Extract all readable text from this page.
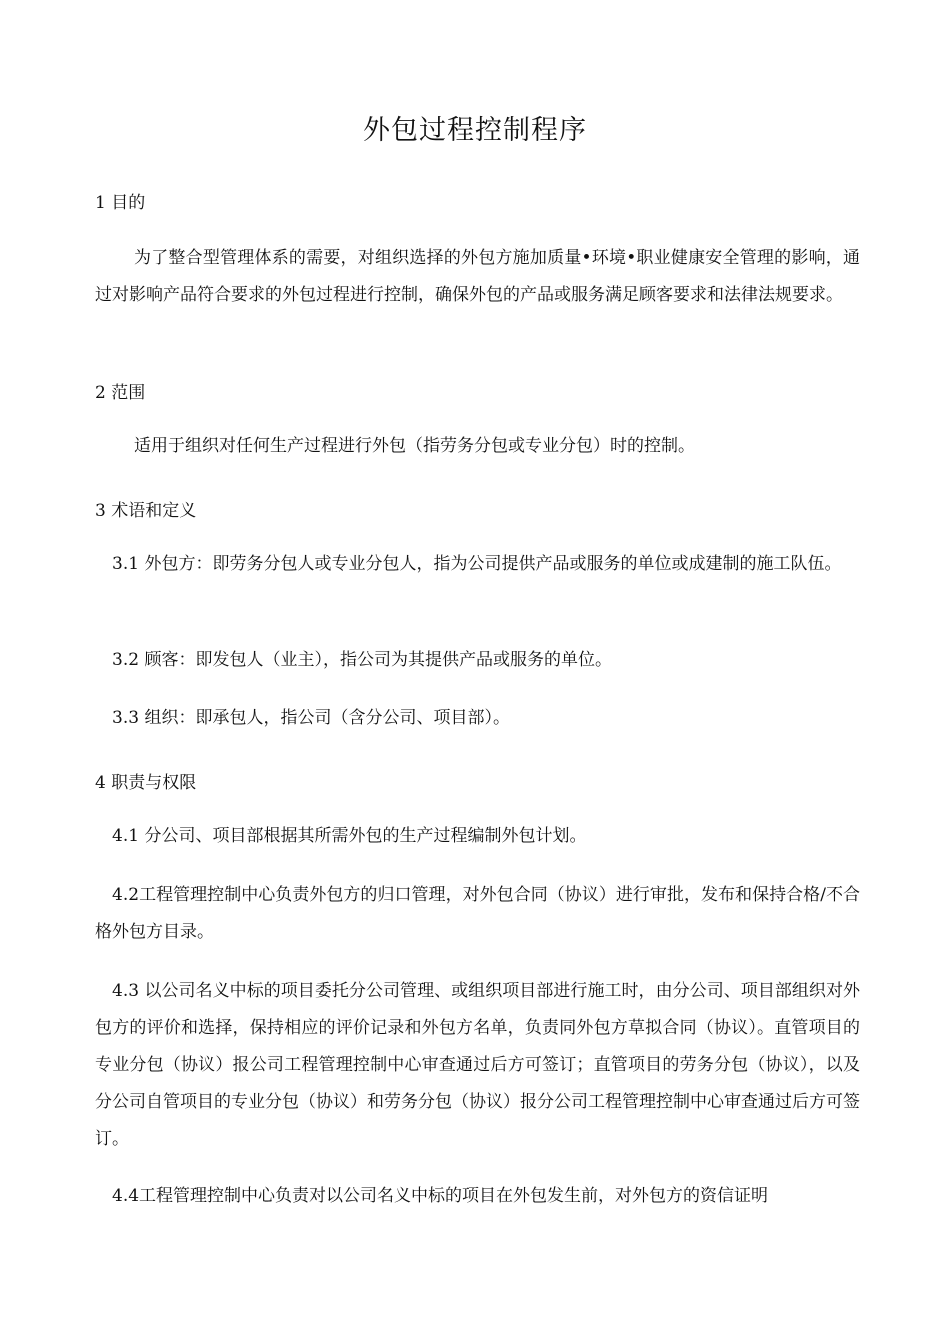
外包过程控制程序
1 目的
为了整合型管理体系的需要，对组织选择的外包方施加质量•环境•职业健康安全管理的影响，通过对影响产品符合要求的外包过程进行控制，确保外包的产品或服务满足顾客要求和法律法规要求。
2 范围
适用于组织对任何生产过程进行外包（指劳务分包或专业分包）时的控制。
3 术语和定义
3.1 外包方：即劳务分包人或专业分包人，指为公司提供产品或服务的单位或成建制的施工队伍。
3.2 顾客：即发包人（业主），指公司为其提供产品或服务的单位。
3.3 组织：即承包人，指公司（含分公司、项目部）。
4 职责与权限
4.1 分公司、项目部根据其所需外包的生产过程编制外包计划。
4.2工程管理控制中心负责外包方的归口管理，对外包合同（协议）进行审批，发布和保持合格/不合格外包方目录。
4.3 以公司名义中标的项目委托分公司管理、或组织项目部进行施工时，由分公司、项目部组织对外包方的评价和选择，保持相应的评价记录和外包方名单，负责同外包方草拟合同（协议）。直管项目的专业分包（协议）报公司工程管理控制中心审查通过后方可签订；直管项目的劳务分包（协议），以及分公司自管项目的专业分包（协议）和劳务分包（协议）报分公司工程管理控制中心审查通过后方可签订。
4.4工程管理控制中心负责对以公司名义中标的项目在外包发生前，对外包方的资信证明
